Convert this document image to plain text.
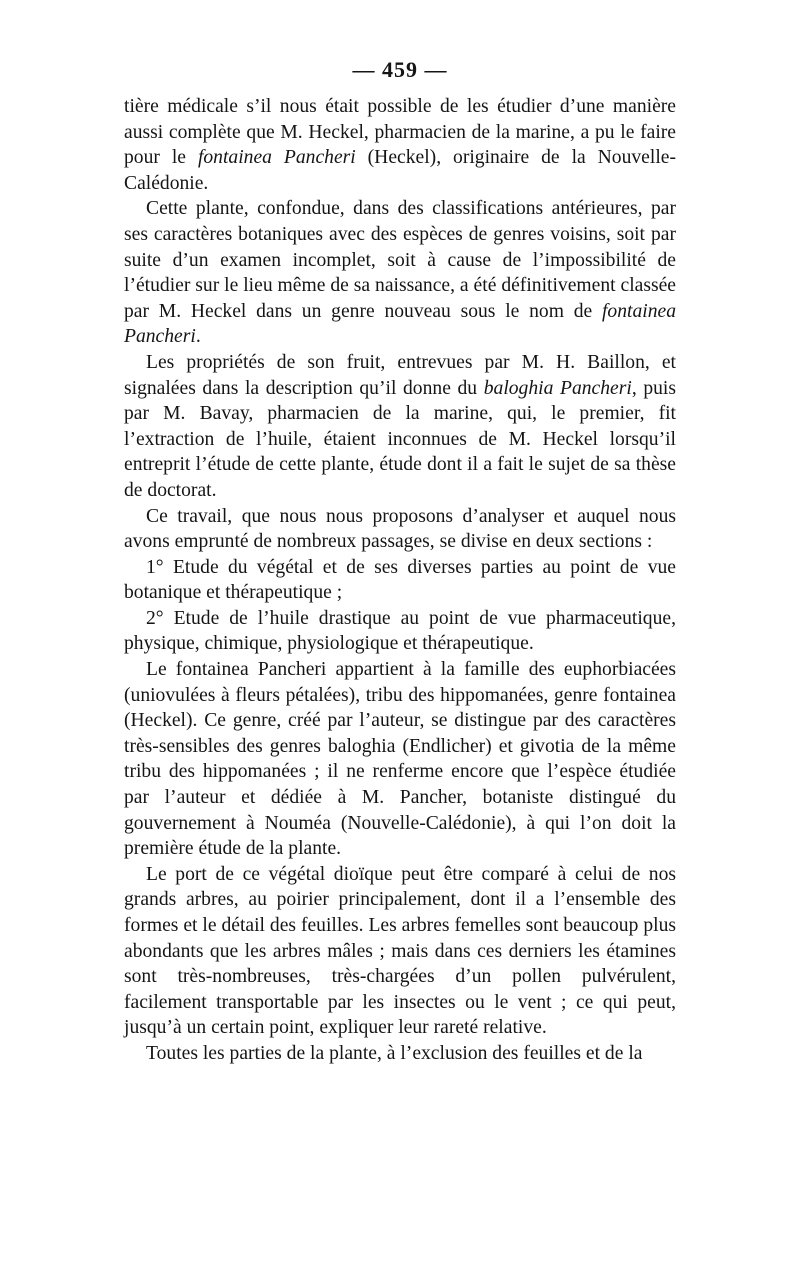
— 459 —

tière médicale s’il nous était possible de les étudier d’une manière aussi complète que M. Heckel, pharmacien de la marine, a pu le faire pour le fontainea Pancheri (Heckel), originaire de la Nouvelle-Calédonie.

Cette plante, confondue, dans des classifications antérieures, par ses caractères botaniques avec des espèces de genres voisins, soit par suite d’un examen incomplet, soit à cause de l’impossibilité de l’étudier sur le lieu même de sa naissance, a été définitivement classée par M. Heckel dans un genre nouveau sous le nom de fontainea Pancheri.

Les propriétés de son fruit, entrevues par M. H. Baillon, et signalées dans la description qu’il donne du baloghia Pancheri, puis par M. Bavay, pharmacien de la marine, qui, le premier, fit l’extraction de l’huile, étaient inconnues de M. Heckel lorsqu’il entreprit l’étude de cette plante, étude dont il a fait le sujet de sa thèse de doctorat.

Ce travail, que nous nous proposons d’analyser et auquel nous avons emprunté de nombreux passages, se divise en deux sections :

1° Etude du végétal et de ses diverses parties au point de vue botanique et thérapeutique ;

2° Etude de l’huile drastique au point de vue pharmaceutique, physique, chimique, physiologique et thérapeutique.

Le fontainea Pancheri appartient à la famille des euphorbiacées (uniovulées à fleurs pétalées), tribu des hippomanées, genre fontainea (Heckel). Ce genre, créé par l’auteur, se distingue par des caractères très-sensibles des genres baloghia (Endlicher) et givotia de la même tribu des hippomanées ; il ne renferme encore que l’espèce étudiée par l’auteur et dédiée à M. Pancher, botaniste distingué du gouvernement à Nouméa (Nouvelle-Calédonie), à qui l’on doit la première étude de la plante.

Le port de ce végétal dioïque peut être comparé à celui de nos grands arbres, au poirier principalement, dont il a l’ensemble des formes et le détail des feuilles. Les arbres femelles sont beaucoup plus abondants que les arbres mâles ; mais dans ces derniers les étamines sont très-nombreuses, très-chargées d’un pollen pulvérulent, facilement transportable par les insectes ou le vent ; ce qui peut, jusqu’à un certain point, expliquer leur rareté relative.

Toutes les parties de la plante, à l’exclusion des feuilles et de la
